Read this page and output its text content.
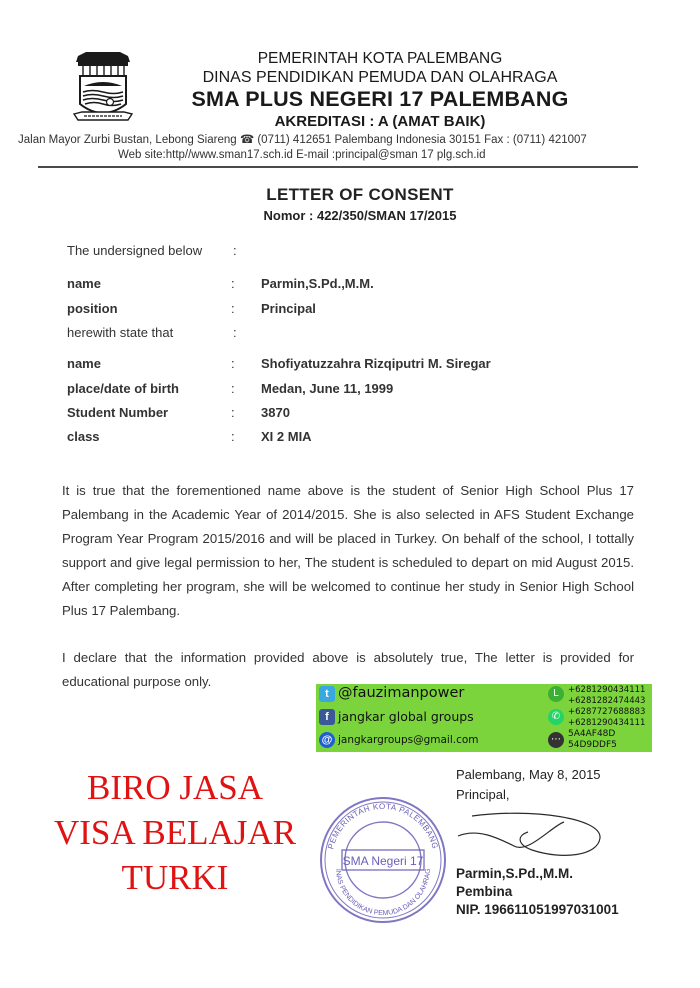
PEMERINTAH KOTA PALEMBANG
DINAS PENDIDIKAN PEMUDA DAN OLAHRAGA
SMA PLUS NEGERI 17 PALEMBANG
AKREDITASI : A (AMAT BAIK)
Jalan Mayor Zurbi Bustan, Lebong Siareng ☎ (0711) 412651 Palembang Indonesia 30151 Fax : (0711) 421007
Web site:http//www.sman17.sch.id E-mail :principal@sman 17 plg.sch.id
LETTER OF CONSENT
Nomor : 422/350/SMAN 17/2015
The undersigned below :
name	: Parmin,S.Pd.,M.M.
position	: Principal
herewith state that	:
name	: Shofiyatuzzahra Rizqiputri M. Siregar
place/date of birth	: Medan, June 11, 1999
Student Number	: 3870
class	: XI 2 MIA
It is true that the forementioned name above is the student of Senior High School Plus 17 Palembang in the Academic Year of 2014/2015. She is also selected in AFS Student Exchange Program Year Program 2015/2016 and will be placed in Turkey. On behalf of the school, I tottally support and give legal permission to her, The student is scheduled to depart on mid August 2015. After completing her program, she will be welcomed to continue her study in Senior High School Plus 17 Palembang.
I declare that the information provided above is absolutely true, The letter is provided for educational purpose only.
t @fauzimanpower
f jangkar global groups
@ jangkargroups@gmail.com
L	+6281290434111
+6281282474443
✆ +6287727688883
+6281290434111
⋯ 5A4AF48D
54D9DDF5
BIRO JASA
VISA BELAJAR
TURKI
PEMERINTAH KOTA PALEMBANG
INAS PENDIDIKAN PEMUDA DAN OLAHRAG
SMA Negeri 17
Palembang, May 8, 2015
Principal,
Parmin,S.Pd.,M.M.
Pembina
NIP. 196611051997031001
